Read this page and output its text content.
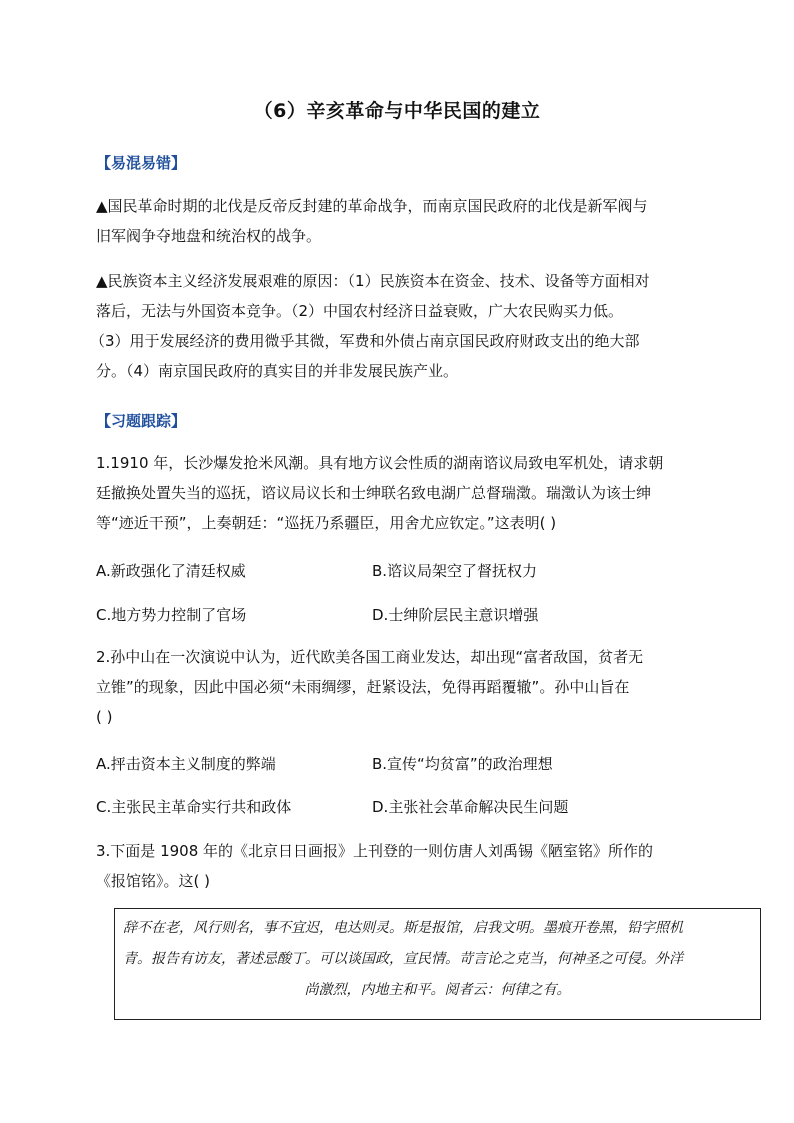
（6）辛亥革命与中华民国的建立
【易混易错】
▲国民革命时期的北伐是反帝反封建的革命战争，而南京国民政府的北伐是新军阀与
旧军阀争夺地盘和统治权的战争。
▲民族资本主义经济发展艰难的原因：（1）民族资本在资金、技术、设备等方面相对
落后，无法与外国资本竞争。（2）中国农村经济日益衰败，广大农民购买力低。
（3）用于发展经济的费用微乎其微，军费和外债占南京国民政府财政支出的绝大部
分。（4）南京国民政府的真实目的并非发展民族产业。
【习题跟踪】
1.1910 年，长沙爆发抢米风潮。具有地方议会性质的湖南谘议局致电军机处，请求朝
廷撤换处置失当的巡抚，谘议局议长和士绅联名致电湖广总督瑞澂。瑞澂认为该士绅
等“迹近干预”，上奏朝廷：“巡抚乃系疆臣，用舍尤应钦定。”这表明( )
A.新政强化了清廷权威	B.谘议局架空了督抚权力
C.地方势力控制了官场	D.士绅阶层民主意识增强
2.孙中山在一次演说中认为，近代欧美各国工商业发达，却出现“富者敌国，贫者无
立锥”的现象，因此中国必须“未雨绸缪，赶紧设法，免得再蹈覆辙”。孙中山旨在
( )
A.抨击资本主义制度的弊端	B.宣传“均贫富”的政治理想
C.主张民主革命实行共和政体	D.主张社会革命解决民生问题
3.下面是 1908 年的《北京日日画报》上刊登的一则仿唐人刘禹锡《陋室铭》所作的
《报馆铭》。这( )
辞不在老，风行则名，事不宜迟，电达则灵。斯是报馆，启我文明。墨痕开卷黑，铅字照机
青。报告有访友，著述忌酸丁。可以谈国政，宣民情。苛言论之克当，何神圣之可侵。外洋
尚激烈，内地主和平。阅者云：何律之有。
